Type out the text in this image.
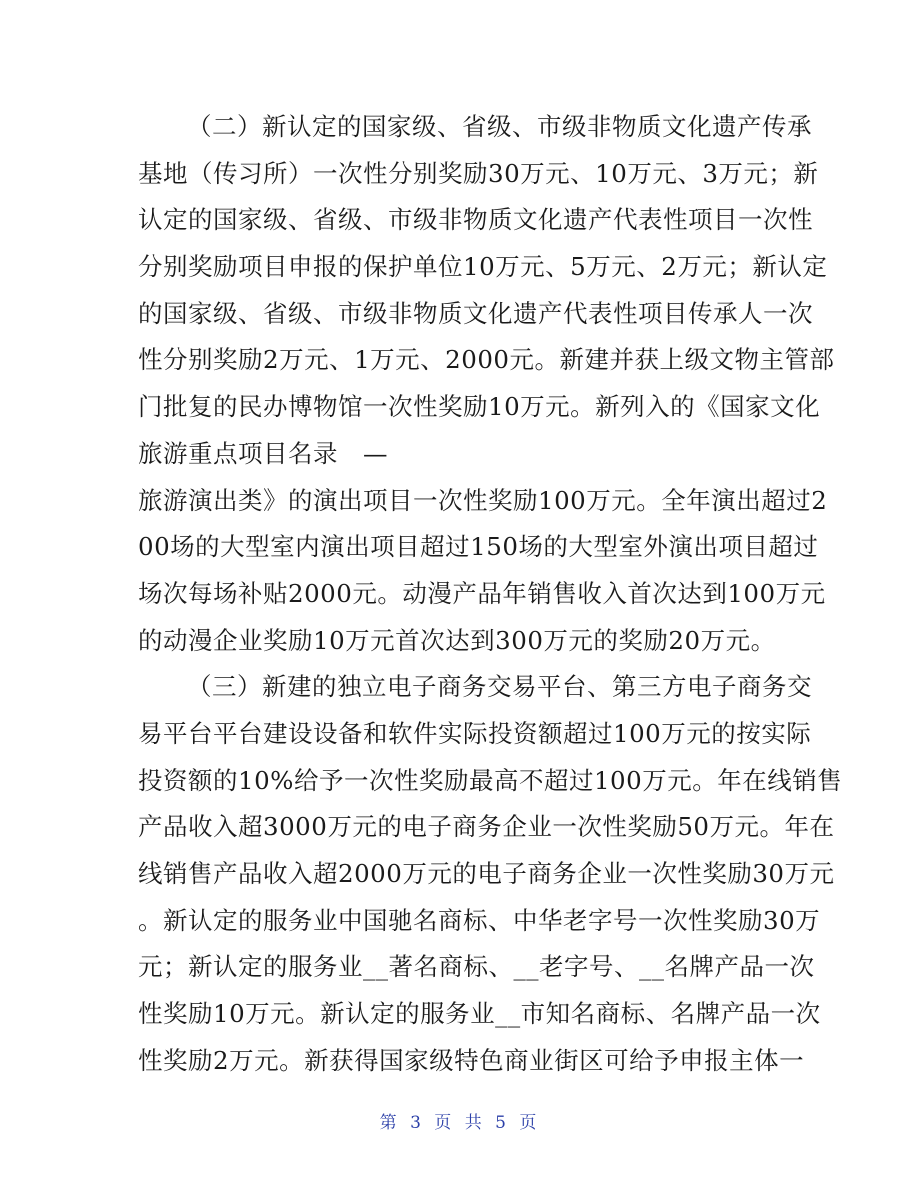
（二）新认定的国家级、省级、市级非物质文化遗产传承
基地（传习所）一次性分别奖励30万元、10万元、3万元；新
认定的国家级、省级、市级非物质文化遗产代表性项目一次性
分别奖励项目申报的保护单位10万元、5万元、2万元；新认定
的国家级、省级、市级非物质文化遗产代表性项目传承人一次
性分别奖励2万元、1万元、2000元。新建并获上级文物主管部
门批复的民办博物馆一次性奖励10万元。新列入的《国家文化
旅游重点项目名录　—
旅游演出类》的演出项目一次性奖励100万元。全年演出超过2
00场的大型室内演出项目超过150场的大型室外演出项目超过
场次每场补贴2000元。动漫产品年销售收入首次达到100万元
的动漫企业奖励10万元首次达到300万元的奖励20万元。
（三）新建的独立电子商务交易平台、第三方电子商务交
易平台平台建设设备和软件实际投资额超过100万元的按实际
投资额的10%给予一次性奖励最高不超过100万元。年在线销售
产品收入超3000万元的电子商务企业一次性奖励50万元。年在
线销售产品收入超2000万元的电子商务企业一次性奖励30万元
。新认定的服务业中国驰名商标、中华老字号一次性奖励30万
元；新认定的服务业__著名商标、__老字号、__名牌产品一次
性奖励10万元。新认定的服务业__市知名商标、名牌产品一次
性奖励2万元。新获得国家级特色商业街区可给予申报主体一
第 3 页 共 5 页
